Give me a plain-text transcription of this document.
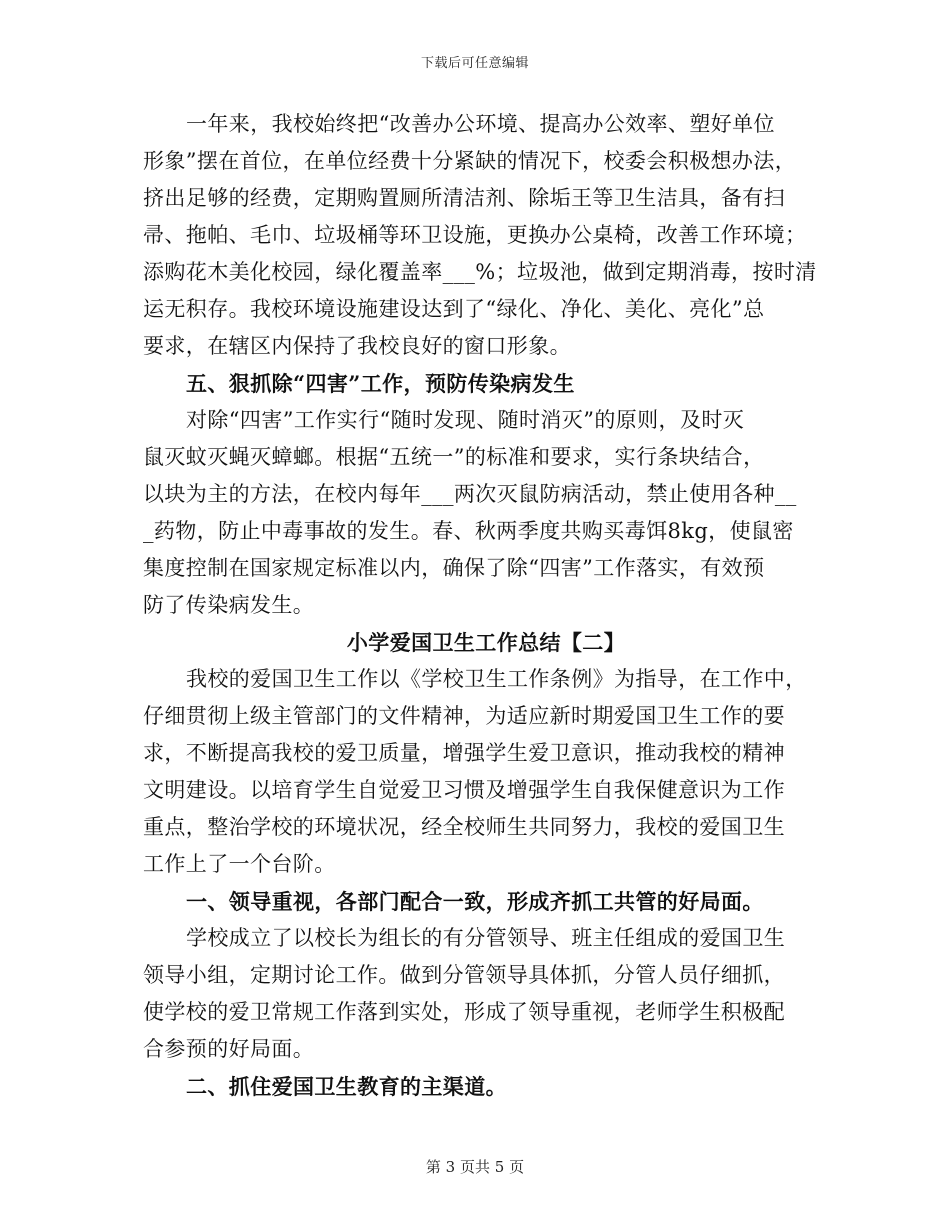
下载后可任意编辑
一年来，我校始终把“改善办公环境、提高办公效率、塑好单位
形象”摆在首位，在单位经费十分紧缺的情况下，校委会积极想办法，
挤出足够的经费，定期购置厕所清洁剂、除垢王等卫生洁具，备有扫
帚、拖帕、毛巾、垃圾桶等环卫设施，更换办公桌椅，改善工作环境；
添购花木美化校园，绿化覆盖率___%；垃圾池，做到定期消毒，按时清
运无积存。我校环境设施建设达到了“绿化、净化、美化、亮化”总
要求，在辖区内保持了我校良好的窗口形象。
五、狠抓除“四害”工作，预防传染病发生
对除“四害”工作实行“随时发现、随时消灭”的原则，及时灭
鼠灭蚊灭蝇灭蟑螂。根据“五统一”的标准和要求，实行条块结合，
以块为主的方法，在校内每年___两次灭鼠防病活动，禁止使用各种__
_药物，防止中毒事故的发生。春、秋两季度共购买毒饵8kg，使鼠密
集度控制在国家规定标准以内，确保了除“四害”工作落实，有效预
防了传染病发生。
小学爱国卫生工作总结【二】
我校的爱国卫生工作以《学校卫生工作条例》为指导，在工作中，
仔细贯彻上级主管部门的文件精神，为适应新时期爱国卫生工作的要
求，不断提高我校的爱卫质量，增强学生爱卫意识，推动我校的精神
文明建设。以培育学生自觉爱卫习惯及增强学生自我保健意识为工作
重点，整治学校的环境状况，经全校师生共同努力，我校的爱国卫生
工作上了一个台阶。
一、领导重视，各部门配合一致，形成齐抓工共管的好局面。
学校成立了以校长为组长的有分管领导、班主任组成的爱国卫生
领导小组，定期讨论工作。做到分管领导具体抓，分管人员仔细抓，
使学校的爱卫常规工作落到实处，形成了领导重视，老师学生积极配
合参预的好局面。
二、抓住爱国卫生教育的主渠道。
第 3 页共 5 页
